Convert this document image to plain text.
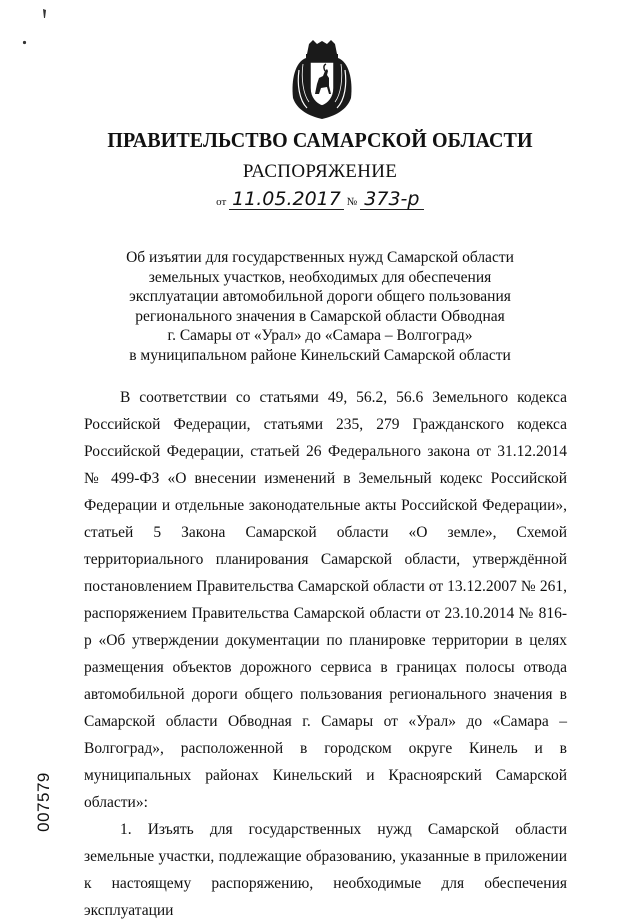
ПРАВИТЕЛЬСТВО САМАРСКОЙ ОБЛАСТИ
РАСПОРЯЖЕНИЕ
от 11.05.2017 № 373-р
Об изъятии для государственных нужд Самарской области
земельных участков, необходимых для обеспечения
эксплуатации автомобильной дороги общего пользования
регионального значения в Самарской области Обводная
г. Самары от «Урал» до «Самара – Волгоград»
в муниципальном районе Кинельский Самарской области

В соответствии со статьями 49, 56.2, 56.6 Земельного кодекса Российской Федерации, статьями 235, 279 Гражданского кодекса Российской Федерации, статьей 26 Федерального закона от 31.12.2014 № 499-ФЗ «О внесении изменений в Земельный кодекс Российской Федерации и отдельные законодательные акты Российской Федерации», статьей 5 Закона Самарской области «О земле», Схемой территориального планирования Самарской области, утверждённой постановлением Правительства Самарской области от 13.12.2007 № 261, распоряжением Правительства Самарской области от 23.10.2014 № 816-р «Об утверждении документации по планировке территории в целях размещения объектов дорожного сервиса в границах полосы отвода автомобильной дороги общего пользования регионального значения в Самарской области Обводная г. Самары от «Урал» до «Самара – Волгоград», расположенной в городском округе Кинель и в муниципальных районах Кинельский и Красноярский Самарской области»:

1. Изъять для государственных нужд Самарской области земельные участки, подлежащие образованию, указанные в приложении к настоящему распоряжению, необходимые для обеспечения эксплуатации

007579
